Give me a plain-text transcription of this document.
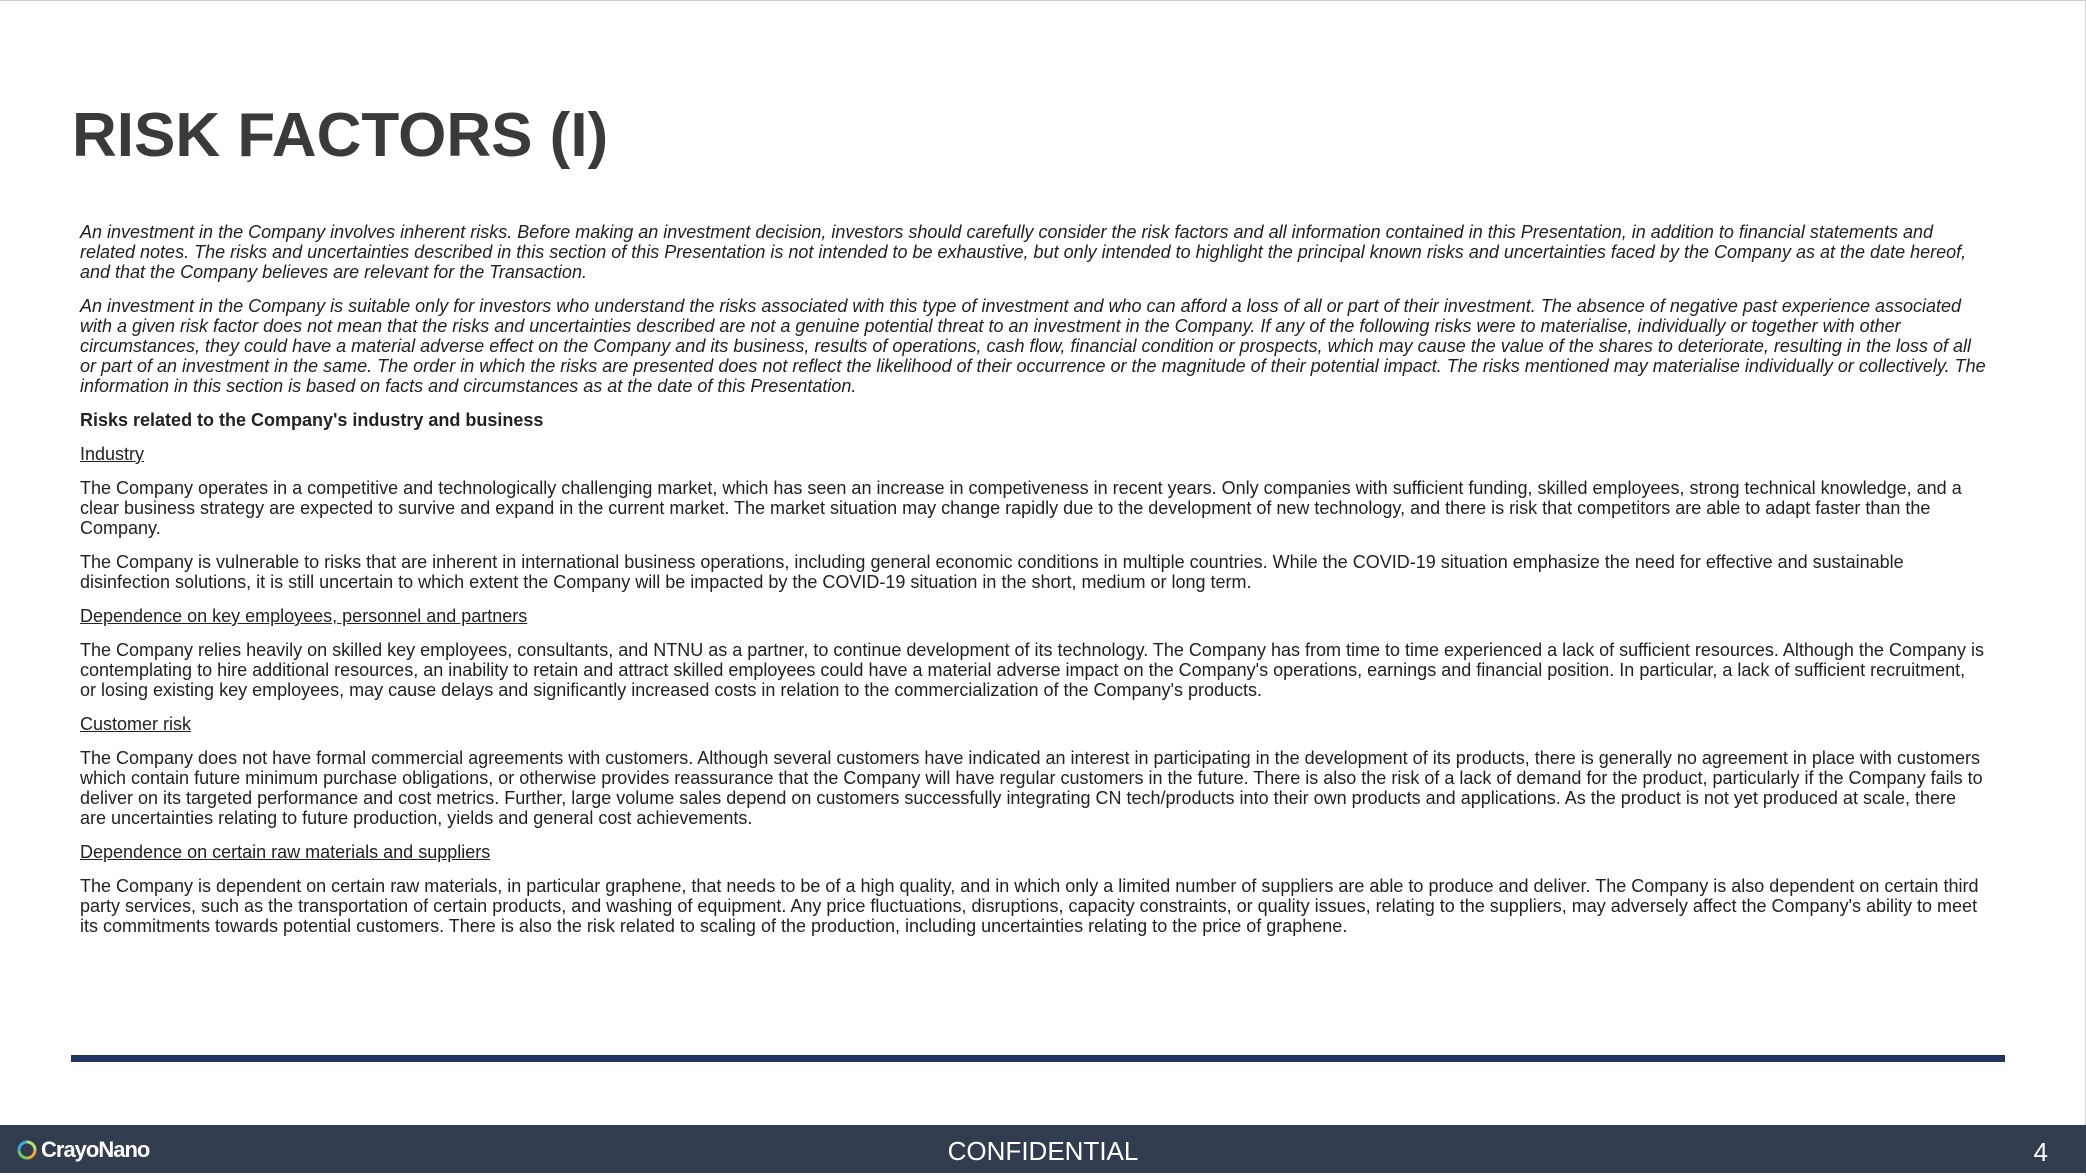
RISK FACTORS (I)

An investment in the Company involves inherent risks. Before making an investment decision, investors should carefully consider the risk factors and all information contained in this Presentation, in addition to financial statements and related notes. The risks and uncertainties described in this section of this Presentation is not intended to be exhaustive, but only intended to highlight the principal known risks and uncertainties faced by the Company as at the date hereof, and that the Company believes are relevant for the Transaction.

An investment in the Company is suitable only for investors who understand the risks associated with this type of investment and who can afford a loss of all or part of their investment. The absence of negative past experience associated with a given risk factor does not mean that the risks and uncertainties described are not a genuine potential threat to an investment in the Company. If any of the following risks were to materialise, individually or together with other circumstances, they could have a material adverse effect on the Company and its business, results of operations, cash flow, financial condition or prospects, which may cause the value of the shares to deteriorate, resulting in the loss of all or part of an investment in the same. The order in which the risks are presented does not reflect the likelihood of their occurrence or the magnitude of their potential impact. The risks mentioned may materialise individually or collectively. The information in this section is based on facts and circumstances as at the date of this Presentation.

Risks related to the Company's industry and business

Industry

The Company operates in a competitive and technologically challenging market, which has seen an increase in competiveness in recent years. Only companies with sufficient funding, skilled employees, strong technical knowledge, and a clear business strategy are expected to survive and expand in the current market. The market situation may change rapidly due to the development of new technology, and there is risk that competitors are able to adapt faster than the Company.

The Company is vulnerable to risks that are inherent in international business operations, including general economic conditions in multiple countries. While the COVID-19 situation emphasize the need for effective and sustainable disinfection solutions, it is still uncertain to which extent the Company will be impacted by the COVID-19 situation in the short, medium or long term.

Dependence on key employees, personnel and partners

The Company relies heavily on skilled key employees, consultants, and NTNU as a partner, to continue development of its technology. The Company has from time to time experienced a lack of sufficient resources. Although the Company is contemplating to hire additional resources, an inability to retain and attract skilled employees could have a material adverse impact on the Company's operations, earnings and financial position. In particular, a lack of sufficient recruitment, or losing existing key employees, may cause delays and significantly increased costs in relation to the commercialization of the Company's products.

Customer risk

The Company does not have formal commercial agreements with customers. Although several customers have indicated an interest in participating in the development of its products, there is generally no agreement in place with customers which contain future minimum purchase obligations, or otherwise provides reassurance that the Company will have regular customers in the future. There is also the risk of a lack of demand for the product, particularly if the Company fails to deliver on its targeted performance and cost metrics. Further, large volume sales depend on customers successfully integrating CN tech/products into their own products and applications. As the product is not yet produced at scale, there are uncertainties relating to future production, yields and general cost achievements.

Dependence on certain raw materials and suppliers

The Company is dependent on certain raw materials, in particular graphene, that needs to be of a high quality, and in which only a limited number of suppliers are able to produce and deliver. The Company is also dependent on certain third party services, such as the transportation of certain products, and washing of equipment. Any price fluctuations, disruptions, capacity constraints, or quality issues, relating to the suppliers, may adversely affect the Company's ability to meet its commitments towards potential customers. There is also the risk related to scaling of the production, including uncertainties relating to the price of graphene.

CrayoNano	CONFIDENTIAL	4
